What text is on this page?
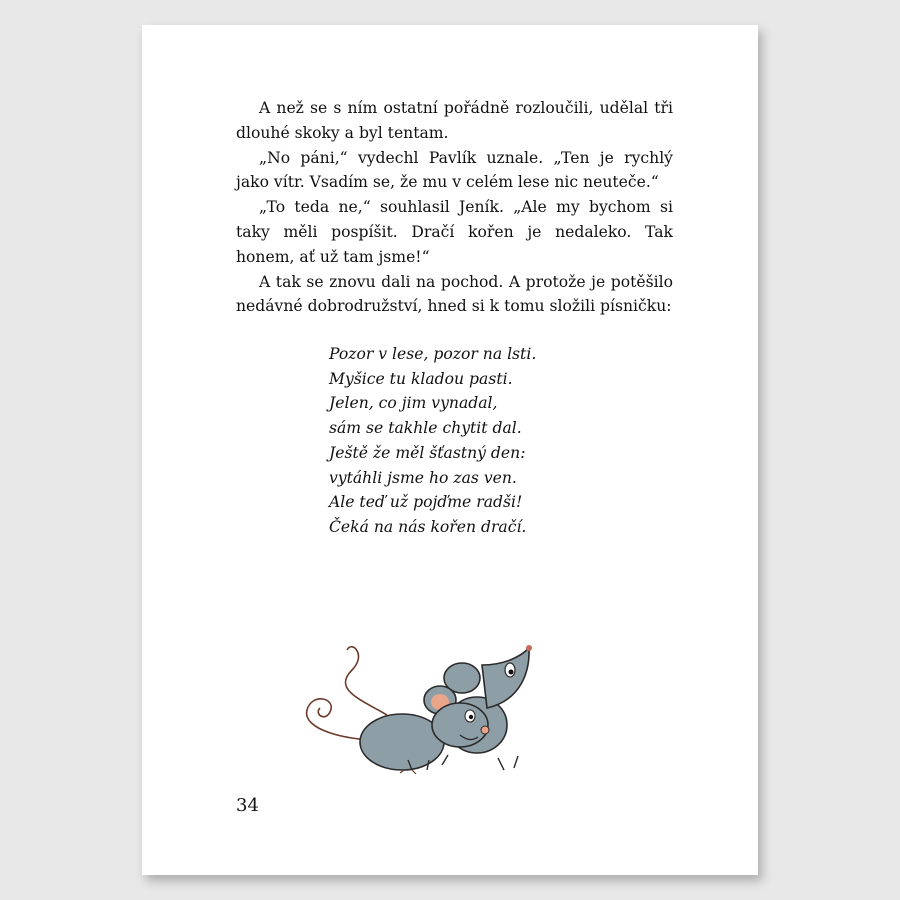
A než se s ním ostatní pořádně rozloučili, udělal tři dlouhé skoky a byl tentam.

„No páni,“ vydechl Pavlík uznale. „Ten je rychlý jako vítr. Vsadím se, že mu v celém lese nic neuteče.“

„To teda ne,“ souhlasil Jeník. „Ale my bychom si taky měli pospíšit. Dračí kořen je nedaleko. Tak honem, ať už tam jsme!“

A tak se znovu dali na pochod. A protože je potěšilo nedávné dobrodružství, hned si k tomu složili písničku:

Pozor v lese, pozor na lsti.
Myšice tu kladou pasti.
Jelen, co jim vynadal,
sám se takhle chytit dal.
Ještě že měl šťastný den:
vytáhli jsme ho zas ven.
Ale teď už pojďme radši!
Čeká na nás kořen dračí.
34
